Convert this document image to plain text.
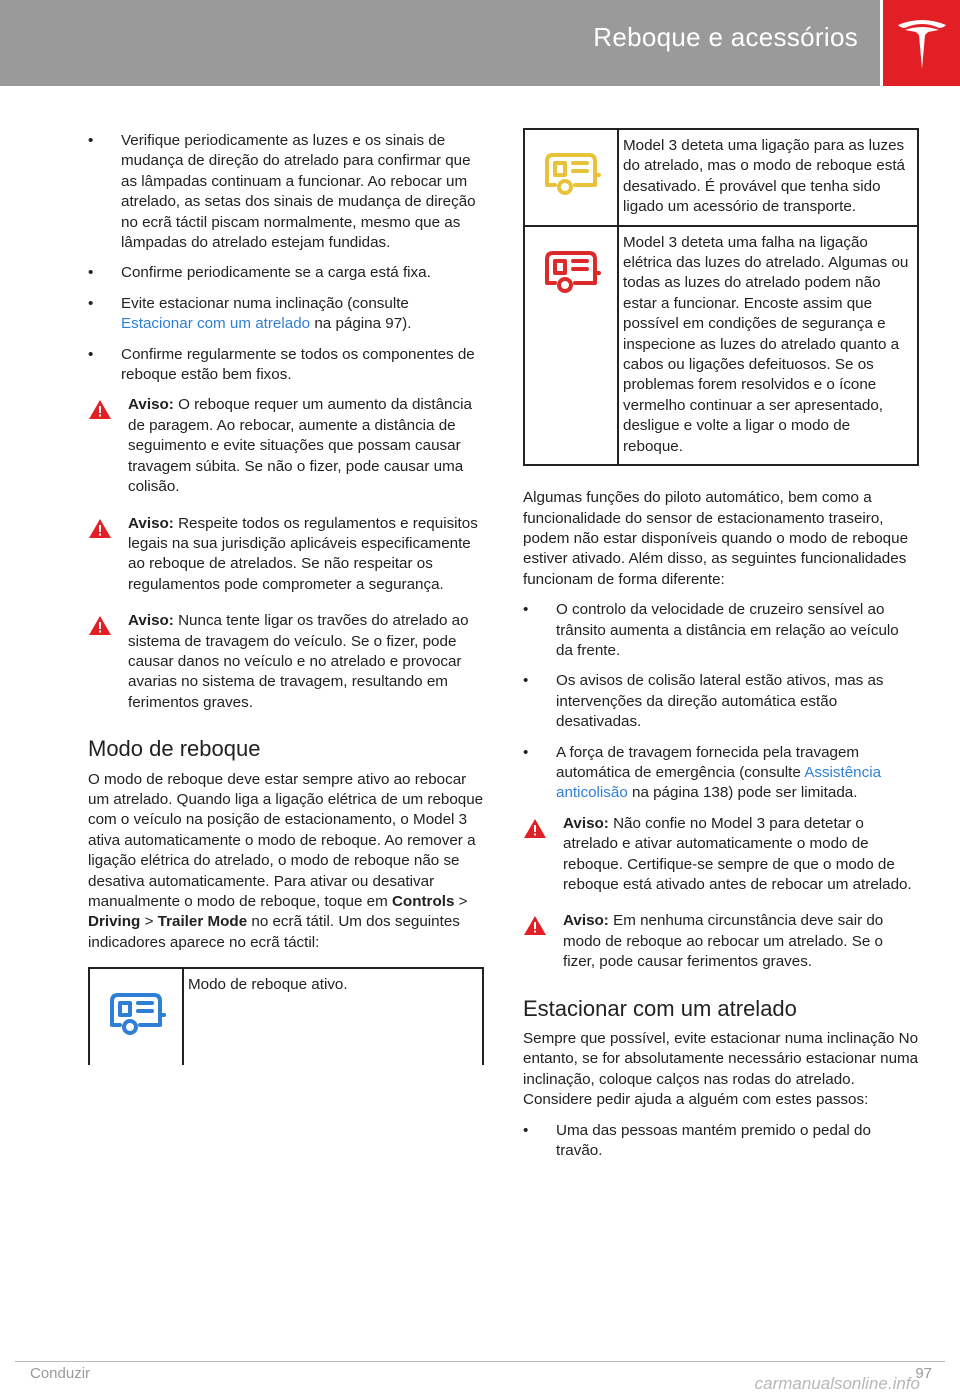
Reboque e acessórios
• Verifique periodicamente as luzes e os sinais de mudança de direção do atrelado para confirmar que as lâmpadas continuam a funcionar. Ao rebocar um atrelado, as setas dos sinais de mudança de direção no ecrã táctil piscam normalmente, mesmo que as lâmpadas do atrelado estejam fundidas.
• Confirme periodicamente se a carga está fixa.
• Evite estacionar numa inclinação (consulte Estacionar com um atrelado na página 97).
• Confirme regularmente se todos os componentes de reboque estão bem fixos.
Aviso: O reboque requer um aumento da distância de paragem. Ao rebocar, aumente a distância de seguimento e evite situações que possam causar travagem súbita. Se não o fizer, pode causar uma colisão.
Aviso: Respeite todos os regulamentos e requisitos legais na sua jurisdição aplicáveis especificamente ao reboque de atrelados. Se não respeitar os regulamentos pode comprometer a segurança.
Aviso: Nunca tente ligar os travões do atrelado ao sistema de travagem do veículo. Se o fizer, pode causar danos no veículo e no atrelado e provocar avarias no sistema de travagem, resultando em ferimentos graves.
Modo de reboque

O modo de reboque deve estar sempre ativo ao rebocar um atrelado. Quando liga a ligação elétrica de um reboque com o veículo na posição de estacionamento, o Model 3 ativa automaticamente o modo de reboque. Ao remover a ligação elétrica do atrelado, o modo de reboque não se desativa automaticamente. Para ativar ou desativar manualmente o modo de reboque, toque em Controls > Driving > Trailer Mode no ecrã tátil. Um dos seguintes indicadores aparece no ecrã táctil:

	Modo de reboque ativo.
	Model 3 deteta uma ligação para as luzes do atrelado, mas o modo de reboque está desativado. É provável que tenha sido ligado um acessório de transporte.
	Model 3 deteta uma falha na ligação elétrica das luzes do atrelado. Algumas ou todas as luzes do atrelado podem não estar a funcionar. Encoste assim que possível em condições de segurança e inspecione as luzes do atrelado quanto a cabos ou ligações defeituosos. Se os problemas forem resolvidos e o ícone vermelho continuar a ser apresentado, desligue e volte a ligar o modo de reboque.

Algumas funções do piloto automático, bem como a funcionalidade do sensor de estacionamento traseiro, podem não estar disponíveis quando o modo de reboque estiver ativado. Além disso, as seguintes funcionalidades funcionam de forma diferente:

• O controlo da velocidade de cruzeiro sensível ao trânsito aumenta a distância em relação ao veículo da frente.
• Os avisos de colisão lateral estão ativos, mas as intervenções da direção automática estão desativadas.
• A força de travagem fornecida pela travagem automática de emergência (consulte Assistência anticolisão na página 138) pode ser limitada.
Aviso: Não confie no Model 3 para detetar o atrelado e ativar automaticamente o modo de reboque. Certifique-se sempre de que o modo de reboque está ativado antes de rebocar um atrelado.
Aviso: Em nenhuma circunstância deve sair do modo de reboque ao rebocar um atrelado. Se o fizer, pode causar ferimentos graves.
Estacionar com um atrelado

Sempre que possível, evite estacionar numa inclinação No entanto, se for absolutamente necessário estacionar numa inclinação, coloque calços nas rodas do atrelado. Considere pedir ajuda a alguém com estes passos:

• Uma das pessoas mantém premido o pedal do travão.
Conduzir	97
carmanualsonline.info
